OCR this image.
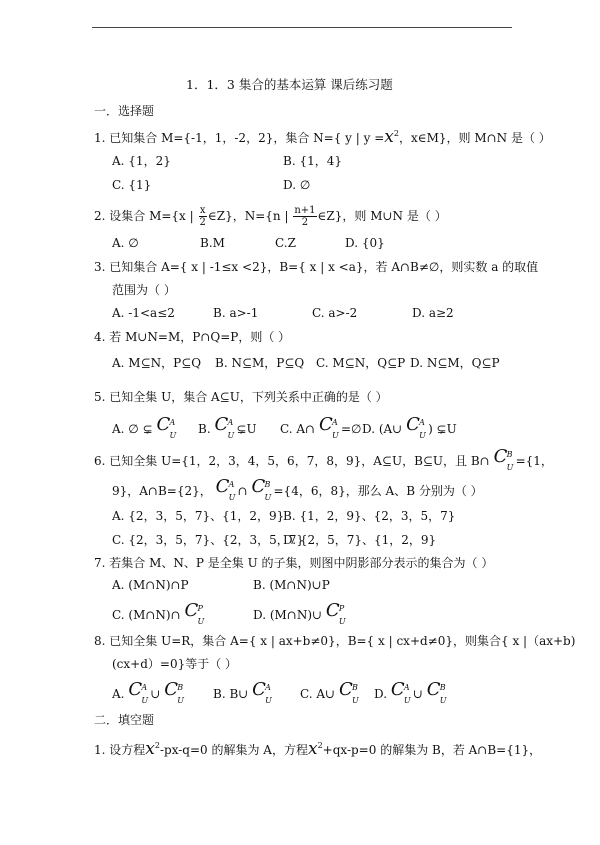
1．1．3 集合的基本运算 课后练习题
一．选择题
1. 已知集合 M={-1，1，-2，2}，集合 N={ y | $y =x^2$，x∈M}，则 M∩N 是（ ）
A. {1，2}	B. {1，4}
C. {1}	D. ∅
2. 设集合 M={x | $\frac{x}{2}$ ∈Z}，N={n | $\frac{n+1}{2}$ ∈Z}，则 M∪N 是（ ）
A. ∅	B.M	C.Z	D. {0}
3. 已知集合 A={ x | -1≤x <2}，B={ x | x <a}，若 A∩B≠∅，则实数 a 的取值
范围为（ ）
A. -1<a≤2	B. a>-1	C. a>-2	D. a≥2
4. 若 M∪N=M，P∩Q=P，则（ ）
A. M⊆N，P⊆Q B. N⊆M，P⊆Q C. M⊆N，Q⊆P D. N⊆M，Q⊆P
5. 已知全集 U，集合 A⊆U，下列关系中正确的是（ ）
A. ∅ ⊊ C A
U B. C A
U ⊊U C. A∩ C A
U =∅ D. (A∪ C A
U ) ⊊U
6. 已知全集 U={1，2，3，4，5，6，7，8，9}，A⊆U，B⊆U，且 B∩ C B
U ={1，
9}，A∩B={2}， C A
U ∩ C B
U ={4，6，8}，那么 A、B 分别为（ ）
A. {2，3，5，7}、{1，2，9}
B. {1，2，9}、{2，3，5，7}
C. {2，3，5，7}、{2，3，5，7}
D. {2，5，7}、{1，2，9}
7. 若集合 M、N、P 是全集 U 的子集，则图中阴影部分表示的集合为（ ）
A. (M∩N)∩P	B. (M∩N)∪P
C. (M∩N)∩ C P
U	D. (M∩N)∪ C P
U
8. 已知全集 U=R，集合 A={ x | ax+b≠0}，B={ x | cx+d≠0}，则集合{ x |（ax+b)
(cx+d）=0}等于（ ）
A. C A
U ∪ C B
U B. B∪ C A
U C. A∪ C B
U D. C A
U ∪ C B
U
二．填空题
1. 设方程$x^2-px-q=0$ 的解集为 A，方程$x^2+qx-p=0$ 的解集为 B，若 A∩B={1}，
